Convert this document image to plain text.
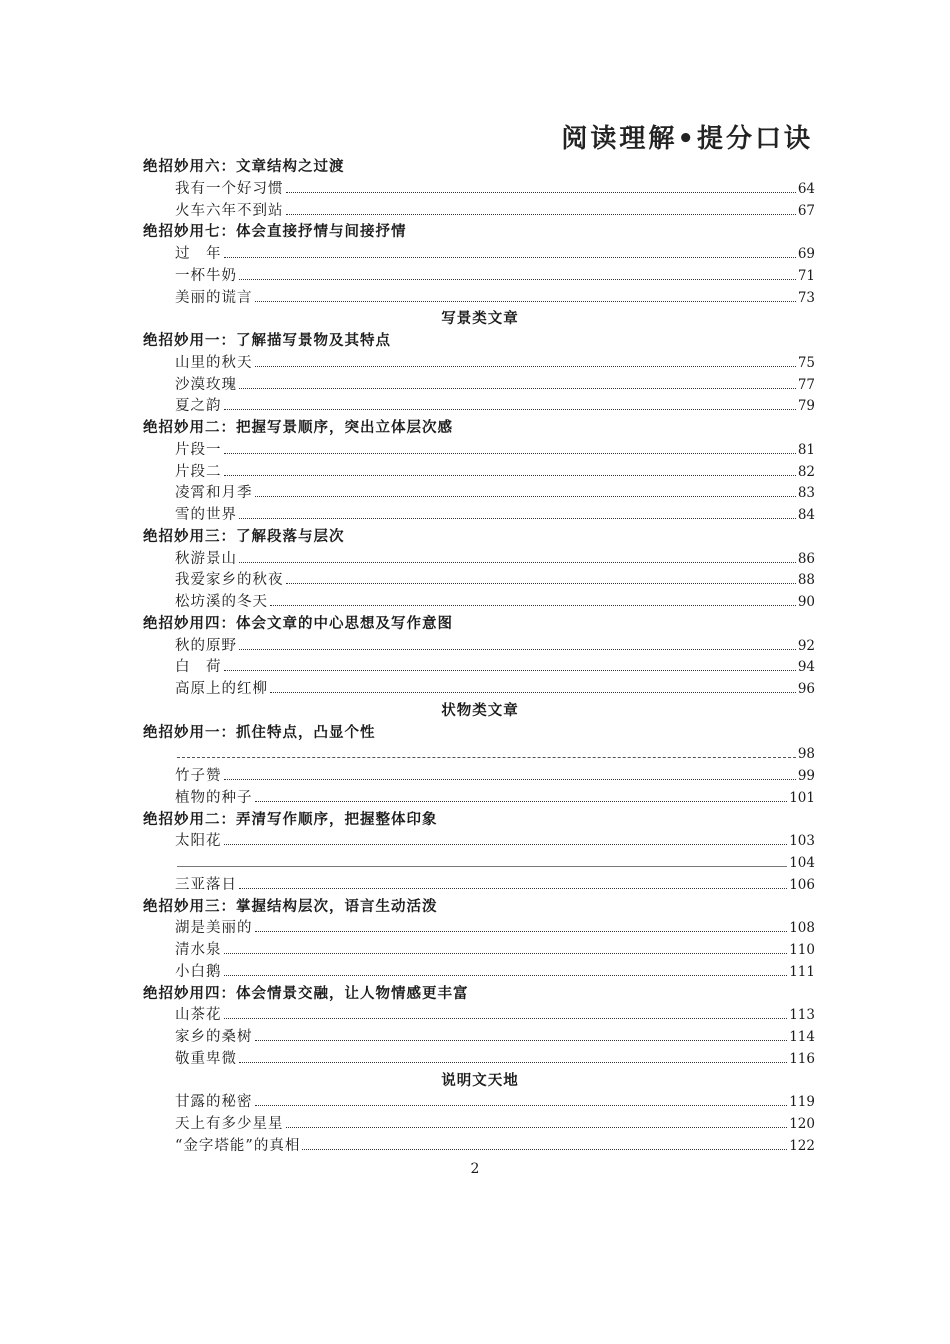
阅读理解•提分口诀
绝招妙用六：文章结构之过渡
我有一个好习惯	64
火车六年不到站	67
绝招妙用七：体会直接抒情与间接抒情
过　年	69
一杯牛奶	71
美丽的谎言	73
写景类文章
绝招妙用一：了解描写景物及其特点
山里的秋天	75
沙漠玫瑰	77
夏之韵	79
绝招妙用二：把握写景顺序，突出立体层次感
片段一	81
片段二	82
凌霄和月季	83
雪的世界	84
绝招妙用三：了解段落与层次
秋游景山	86
我爱家乡的秋夜	88
松坊溪的冬天	90
绝招妙用四：体会文章的中心思想及写作意图
秋的原野	92
白　荷	94
高原上的红柳	96
状物类文章
绝招妙用一：抓住特点，凸显个性
98
竹子赞	99
植物的种子	101
绝招妙用二：弄清写作顺序，把握整体印象
太阳花	103
104
三亚落日	106
绝招妙用三：掌握结构层次，语言生动活泼
湖是美丽的	108
清水泉	110
小白鹅	111
绝招妙用四：体会情景交融，让人物情感更丰富
山茶花	113
家乡的桑树	114
敬重卑微	116
说明文天地
甘露的秘密	119
天上有多少星星	120
“金字塔能”的真相	122
2
